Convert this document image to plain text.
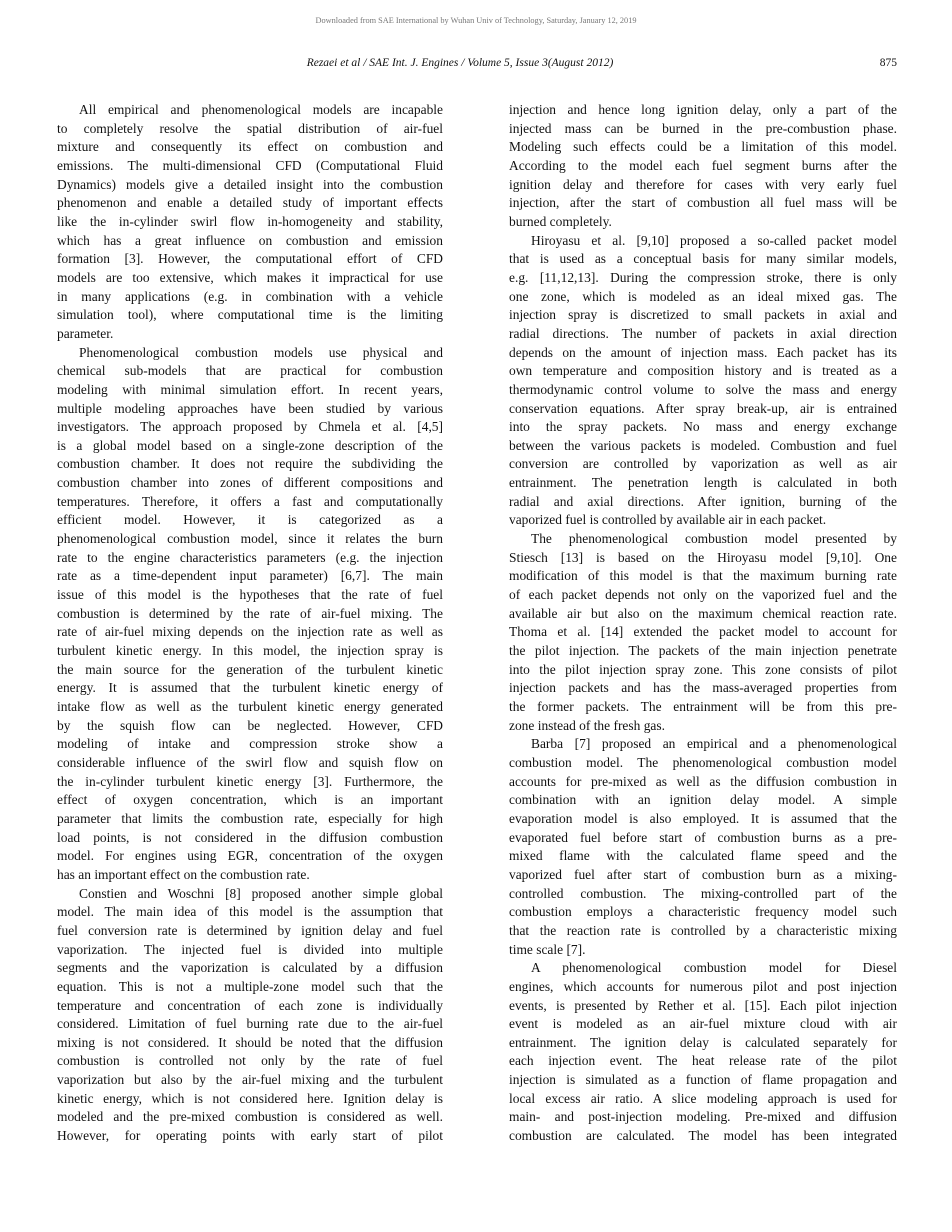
Downloaded from SAE International by Wuhan Univ of Technology, Saturday, January 12, 2019
Rezaei et al / SAE Int. J. Engines / Volume 5, Issue 3(August 2012)	875
All empirical and phenomenological models are incapable
to completely resolve the spatial distribution of air-fuel
mixture and consequently its effect on combustion and
emissions. The multi-dimensional CFD (Computational Fluid
Dynamics) models give a detailed insight into the combustion
phenomenon and enable a detailed study of important effects
like the in-cylinder swirl flow in-homogeneity and stability,
which has a great influence on combustion and emission
formation [3]. However, the computational effort of CFD
models are too extensive, which makes it impractical for use
in many applications (e.g. in combination with a vehicle
simulation tool), where computational time is the limiting
parameter.
Phenomenological combustion models use physical and
chemical sub-models that are practical for combustion
modeling with minimal simulation effort. In recent years,
multiple modeling approaches have been studied by various
investigators. The approach proposed by Chmela et al. [4,5]
is a global model based on a single-zone description of the
combustion chamber. It does not require the subdividing the
combustion chamber into zones of different compositions and
temperatures. Therefore, it offers a fast and computationally
efficient model. However, it is categorized as a
phenomenological combustion model, since it relates the burn
rate to the engine characteristics parameters (e.g. the injection
rate as a time-dependent input parameter) [6,7]. The main
issue of this model is the hypotheses that the rate of fuel
combustion is determined by the rate of air-fuel mixing. The
rate of air-fuel mixing depends on the injection rate as well as
turbulent kinetic energy. In this model, the injection spray is
the main source for the generation of the turbulent kinetic
energy. It is assumed that the turbulent kinetic energy of
intake flow as well as the turbulent kinetic energy generated
by the squish flow can be neglected. However, CFD
modeling of intake and compression stroke show a
considerable influence of the swirl flow and squish flow on
the in-cylinder turbulent kinetic energy [3]. Furthermore, the
effect of oxygen concentration, which is an important
parameter that limits the combustion rate, especially for high
load points, is not considered in the diffusion combustion
model. For engines using EGR, concentration of the oxygen
has an important effect on the combustion rate.
Constien and Woschni [8] proposed another simple global
model. The main idea of this model is the assumption that
fuel conversion rate is determined by ignition delay and fuel
vaporization. The injected fuel is divided into multiple
segments and the vaporization is calculated by a diffusion
equation. This is not a multiple-zone model such that the
temperature and concentration of each zone is individually
considered. Limitation of fuel burning rate due to the air-fuel
mixing is not considered. It should be noted that the diffusion
combustion is controlled not only by the rate of fuel
vaporization but also by the air-fuel mixing and the turbulent
kinetic energy, which is not considered here. Ignition delay is
modeled and the pre-mixed combustion is considered as well.
However, for operating points with early start of pilot
injection and hence long ignition delay, only a part of the
injected mass can be burned in the pre-combustion phase.
Modeling such effects could be a limitation of this model.
According to the model each fuel segment burns after the
ignition delay and therefore for cases with very early fuel
injection, after the start of combustion all fuel mass will be
burned completely.
Hiroyasu et al. [9,10] proposed a so-called packet model
that is used as a conceptual basis for many similar models,
e.g. [11,12,13]. During the compression stroke, there is only
one zone, which is modeled as an ideal mixed gas. The
injection spray is discretized to small packets in axial and
radial directions. The number of packets in axial direction
depends on the amount of injection mass. Each packet has its
own temperature and composition history and is treated as a
thermodynamic control volume to solve the mass and energy
conservation equations. After spray break-up, air is entrained
into the spray packets. No mass and energy exchange
between the various packets is modeled. Combustion and fuel
conversion are controlled by vaporization as well as air
entrainment. The penetration length is calculated in both
radial and axial directions. After ignition, burning of the
vaporized fuel is controlled by available air in each packet.
The phenomenological combustion model presented by
Stiesch [13] is based on the Hiroyasu model [9,10]. One
modification of this model is that the maximum burning rate
of each packet depends not only on the vaporized fuel and the
available air but also on the maximum chemical reaction rate.
Thoma et al. [14] extended the packet model to account for
the pilot injection. The packets of the main injection penetrate
into the pilot injection spray zone. This zone consists of pilot
injection packets and has the mass-averaged properties from
the former packets. The entrainment will be from this pre-
zone instead of the fresh gas.
Barba [7] proposed an empirical and a phenomenological
combustion model. The phenomenological combustion model
accounts for pre-mixed as well as the diffusion combustion in
combination with an ignition delay model. A simple
evaporation model is also employed. It is assumed that the
evaporated fuel before start of combustion burns as a pre-
mixed flame with the calculated flame speed and the
vaporized fuel after start of combustion burn as a mixing-
controlled combustion. The mixing-controlled part of the
combustion employs a characteristic frequency model such
that the reaction rate is controlled by a characteristic mixing
time scale [7].
A phenomenological combustion model for Diesel
engines, which accounts for numerous pilot and post injection
events, is presented by Rether et al. [15]. Each pilot injection
event is modeled as an air-fuel mixture cloud with air
entrainment. The ignition delay is calculated separately for
each injection event. The heat release rate of the pilot
injection is simulated as a function of flame propagation and
local excess air ratio. A slice modeling approach is used for
main- and post-injection modeling. Pre-mixed and diffusion
combustion are calculated. The model has been integrated
